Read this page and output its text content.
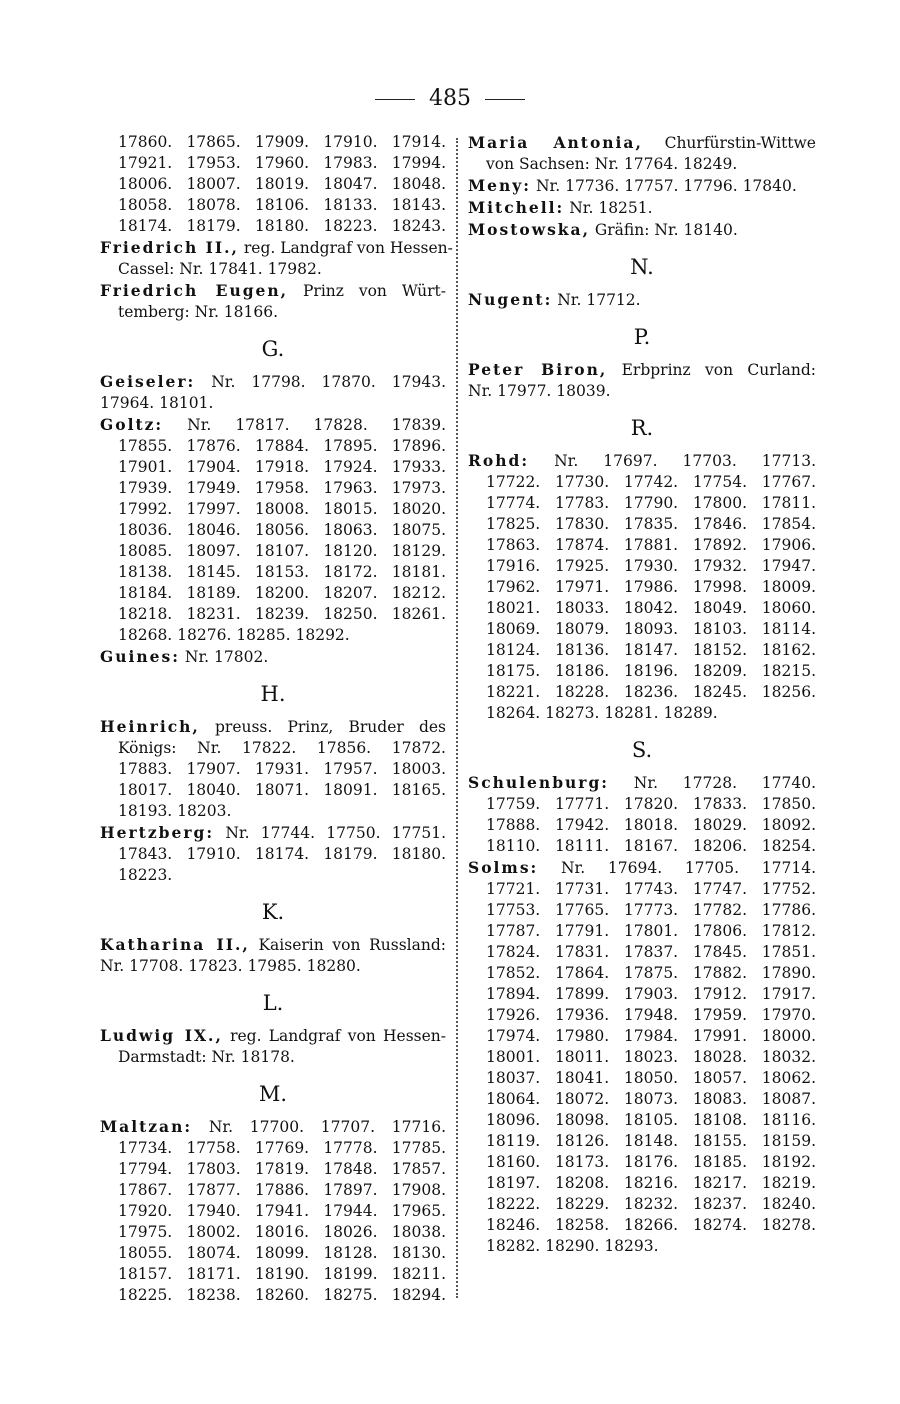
485
17860. 17865. 17909. 17910. 17914.
17921. 17953. 17960. 17983. 17994.
18006. 18007. 18019. 18047. 18048.
18058. 18078. 18106. 18133. 18143.
18174. 18179. 18180. 18223. 18243.
Friedrich II., reg. Landgraf von Hessen-
Cassel: Nr. 17841. 17982.
Friedrich Eugen, Prinz von Würt-
temberg: Nr. 18166.
G.
Geiseler: Nr. 17798. 17870. 17943.
17964. 18101.
Goltz: Nr. 17817. 17828. 17839.
17855. 17876. 17884. 17895. 17896.
17901. 17904. 17918. 17924. 17933.
17939. 17949. 17958. 17963. 17973.
17992. 17997. 18008. 18015. 18020.
18036. 18046. 18056. 18063. 18075.
18085. 18097. 18107. 18120. 18129.
18138. 18145. 18153. 18172. 18181.
18184. 18189. 18200. 18207. 18212.
18218. 18231. 18239. 18250. 18261.
18268. 18276. 18285. 18292.
Guines: Nr. 17802.
H.
Heinrich, preuss. Prinz, Bruder des
Königs: Nr. 17822. 17856. 17872.
17883. 17907. 17931. 17957. 18003.
18017. 18040. 18071. 18091. 18165.
18193. 18203.
Hertzberg: Nr. 17744. 17750. 17751.
17843. 17910. 18174. 18179. 18180.
18223.
K.
Katharina II., Kaiserin von Russland:
Nr. 17708. 17823. 17985. 18280.
L.
Ludwig IX., reg. Landgraf von Hessen-
Darmstadt: Nr. 18178.
M.
Maltzan: Nr. 17700. 17707. 17716.
17734. 17758. 17769. 17778. 17785.
17794. 17803. 17819. 17848. 17857.
17867. 17877. 17886. 17897. 17908.
17920. 17940. 17941. 17944. 17965.
17975. 18002. 18016. 18026. 18038.
18055. 18074. 18099. 18128. 18130.
18157. 18171. 18190. 18199. 18211.
18225. 18238. 18260. 18275. 18294.
Maria Antonia, Churfürstin-Wittwe
von Sachsen: Nr. 17764. 18249.
Meny: Nr. 17736. 17757. 17796. 17840.
Mitchell: Nr. 18251.
Mostowska, Gräfin: Nr. 18140.
N.
Nugent: Nr. 17712.
P.
Peter Biron, Erbprinz von Curland:
Nr. 17977. 18039.
R.
Rohd: Nr. 17697. 17703. 17713.
17722. 17730. 17742. 17754. 17767.
17774. 17783. 17790. 17800. 17811.
17825. 17830. 17835. 17846. 17854.
17863. 17874. 17881. 17892. 17906.
17916. 17925. 17930. 17932. 17947.
17962. 17971. 17986. 17998. 18009.
18021. 18033. 18042. 18049. 18060.
18069. 18079. 18093. 18103. 18114.
18124. 18136. 18147. 18152. 18162.
18175. 18186. 18196. 18209. 18215.
18221. 18228. 18236. 18245. 18256.
18264. 18273. 18281. 18289.
S.
Schulenburg: Nr. 17728. 17740.
17759. 17771. 17820. 17833. 17850.
17888. 17942. 18018. 18029. 18092.
18110. 18111. 18167. 18206. 18254.
Solms: Nr. 17694. 17705. 17714.
17721. 17731. 17743. 17747. 17752.
17753. 17765. 17773. 17782. 17786.
17787. 17791. 17801. 17806. 17812.
17824. 17831. 17837. 17845. 17851.
17852. 17864. 17875. 17882. 17890.
17894. 17899. 17903. 17912. 17917.
17926. 17936. 17948. 17959. 17970.
17974. 17980. 17984. 17991. 18000.
18001. 18011. 18023. 18028. 18032.
18037. 18041. 18050. 18057. 18062.
18064. 18072. 18073. 18083. 18087.
18096. 18098. 18105. 18108. 18116.
18119. 18126. 18148. 18155. 18159.
18160. 18173. 18176. 18185. 18192.
18197. 18208. 18216. 18217. 18219.
18222. 18229. 18232. 18237. 18240.
18246. 18258. 18266. 18274. 18278.
18282. 18290. 18293.
